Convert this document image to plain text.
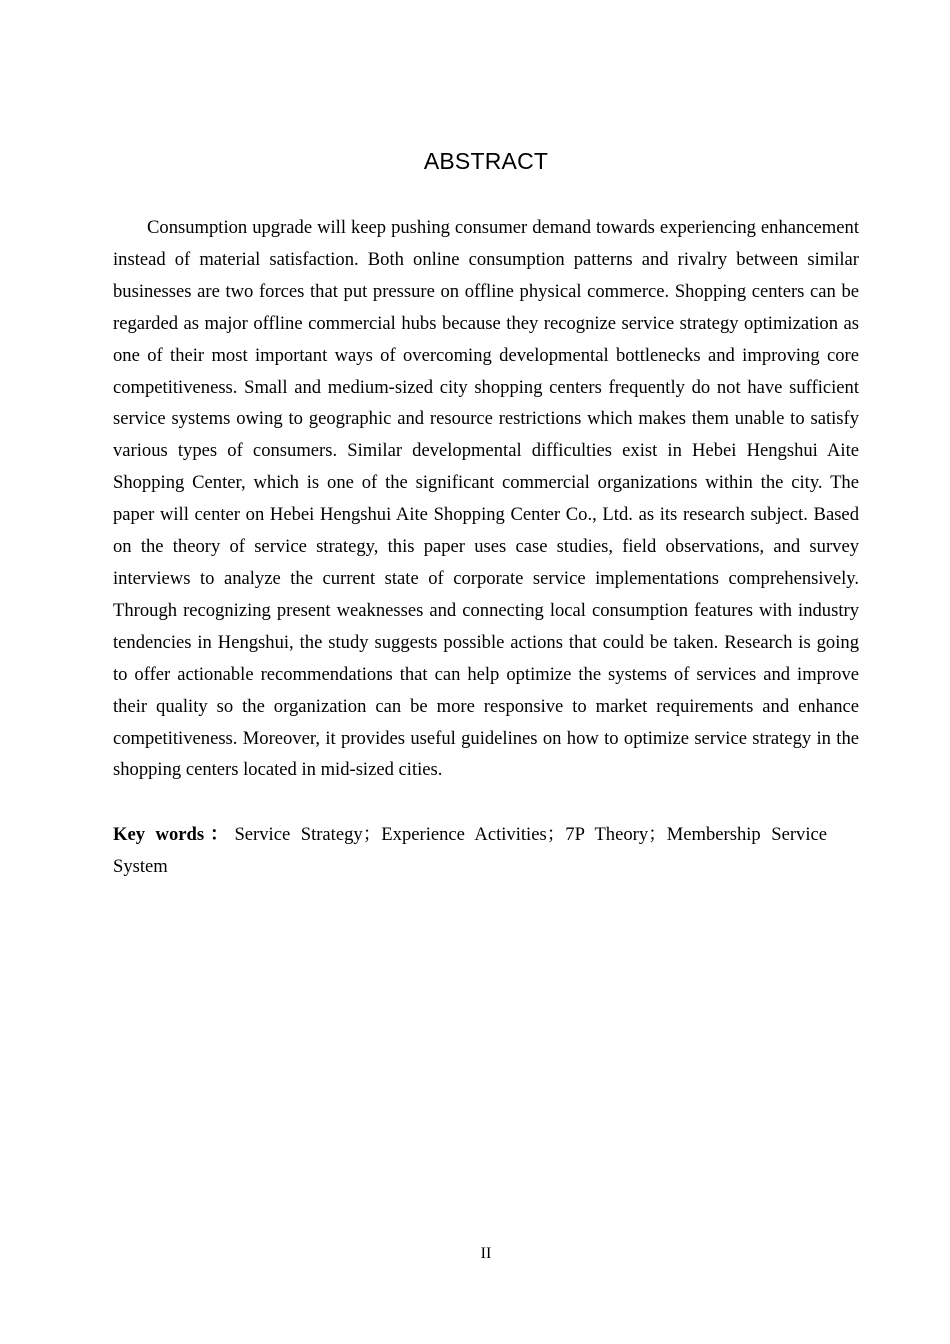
ABSTRACT

Consumption upgrade will keep pushing consumer demand towards experiencing enhancement instead of material satisfaction. Both online consumption patterns and rivalry between similar businesses are two forces that put pressure on offline physical commerce. Shopping centers can be regarded as major offline commercial hubs because they recognize service strategy optimization as one of their most important ways of overcoming developmental bottlenecks and improving core competitiveness. Small and medium-sized city shopping centers frequently do not have sufficient service systems owing to geographic and resource restrictions which makes them unable to satisfy various types of consumers. Similar developmental difficulties exist in Hebei Hengshui Aite Shopping Center, which is one of the significant commercial organizations within the city. The paper will center on Hebei Hengshui Aite Shopping Center Co., Ltd. as its research subject. Based on the theory of service strategy, this paper uses case studies, field observations, and survey interviews to analyze the current state of corporate service implementations comprehensively. Through recognizing present weaknesses and connecting local consumption features with industry tendencies in Hengshui, the study suggests possible actions that could be taken. Research is going to offer actionable recommendations that can help optimize the systems of services and improve their quality so the organization can be more responsive to market requirements and enhance competitiveness. Moreover, it provides useful guidelines on how to optimize service strategy in the shopping centers located in mid-sized cities.

Key words：Service Strategy；Experience Activities；7P Theory；Membership Service System

II
